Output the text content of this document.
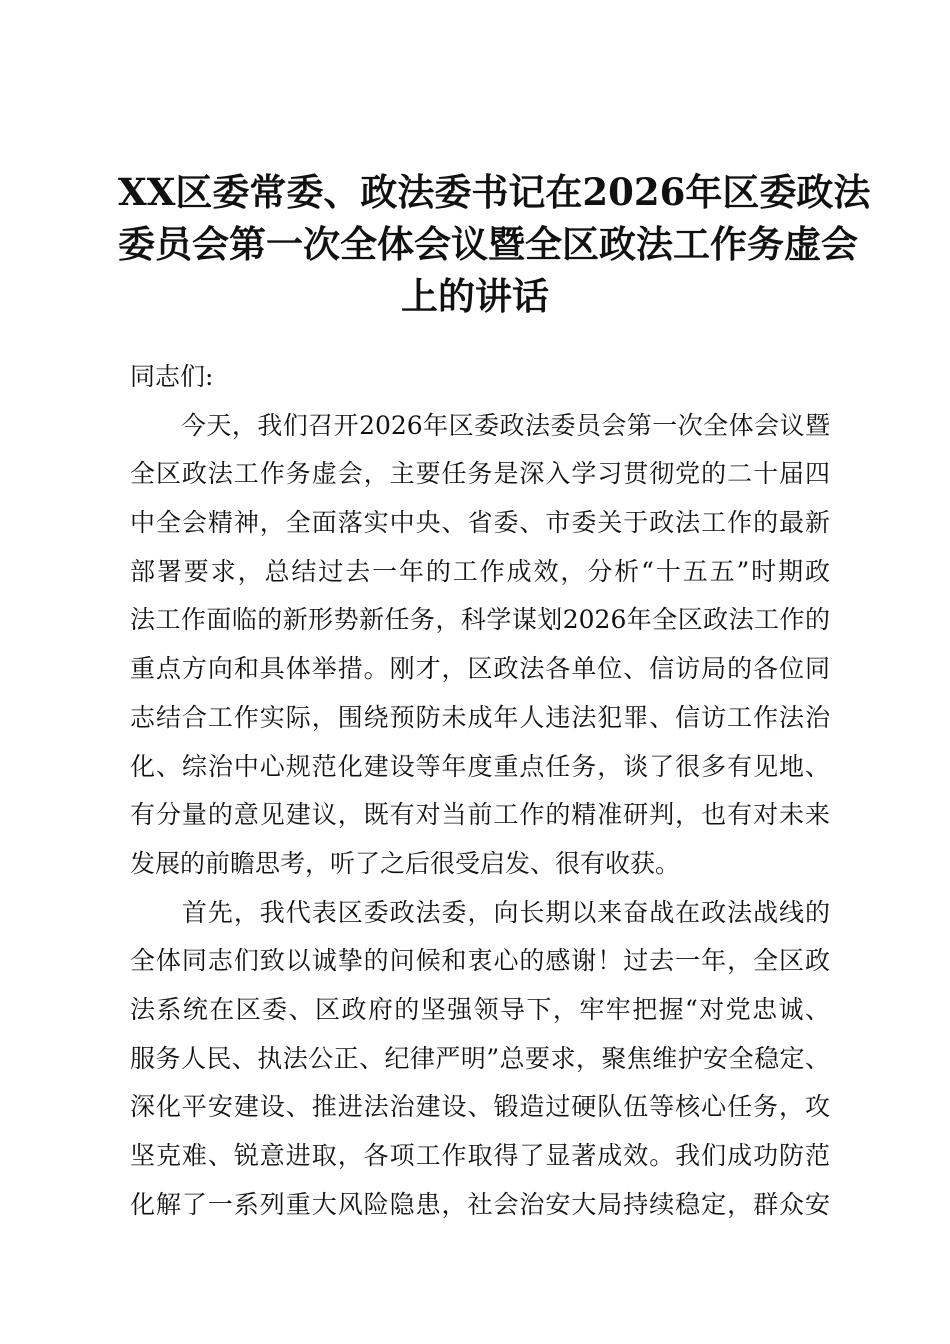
XX区委常委、政法委书记在2026年区委政法
委员会第一次全体会议暨全区政法工作务虚会
上的讲话
同志们:
　　今天，我们召开2026年区委政法委员会第一次全体会议暨
全区政法工作务虚会，主要任务是深入学习贯彻党的二十届四
中全会精神，全面落实中央、省委、市委关于政法工作的最新
部署要求，总结过去一年的工作成效，分析“十五五”时期政
法工作面临的新形势新任务，科学谋划2026年全区政法工作的
重点方向和具体举措。刚才，区政法各单位、信访局的各位同
志结合工作实际，围绕预防未成年人违法犯罪、信访工作法治
化、综治中心规范化建设等年度重点任务，谈了很多有见地、
有分量的意见建议，既有对当前工作的精准研判，也有对未来
发展的前瞻思考，听了之后很受启发、很有收获。
　　首先，我代表区委政法委，向长期以来奋战在政法战线的
全体同志们致以诚挚的问候和衷心的感谢！过去一年，全区政
法系统在区委、区政府的坚强领导下，牢牢把握“对党忠诚、
服务人民、执法公正、纪律严明”总要求，聚焦维护安全稳定、
深化平安建设、推进法治建设、锻造过硬队伍等核心任务，攻
坚克难、锐意进取，各项工作取得了显著成效。我们成功防范
化解了一系列重大风险隐患，社会治安大局持续稳定，群众安
